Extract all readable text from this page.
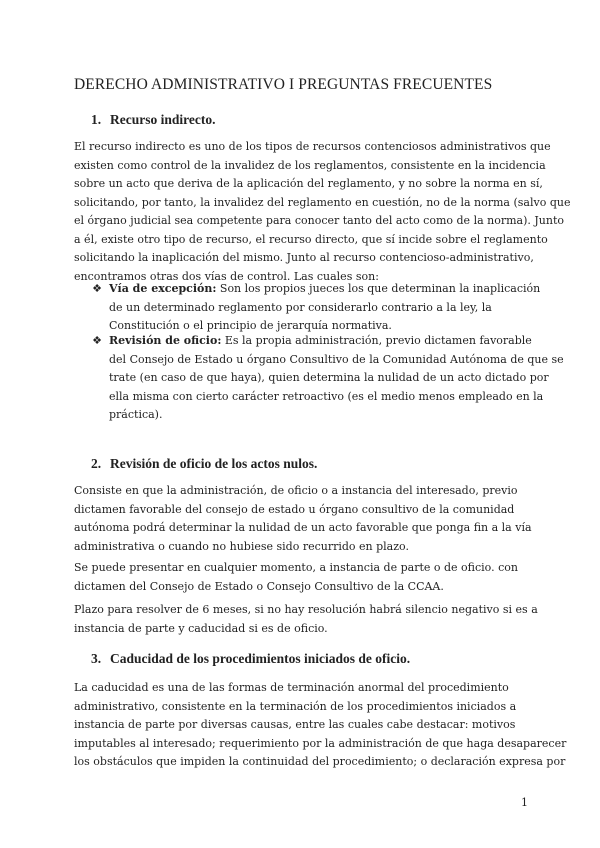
DERECHO ADMINISTRATIVO I PREGUNTAS FRECUENTES
1. Recurso indirecto.
El recurso indirecto es uno de los tipos de recursos contenciosos administrativos que
existen como control de la invalidez de los reglamentos, consistente en la incidencia
sobre un acto que deriva de la aplicación del reglamento, y no sobre la norma en sí,
solicitando, por tanto, la invalidez del reglamento en cuestión, no de la norma (salvo que
el órgano judicial sea competente para conocer tanto del acto como de la norma). Junto
a él, existe otro tipo de recurso, el recurso directo, que sí incide sobre el reglamento
solicitando la inaplicación del mismo. Junto al recurso contencioso-administrativo,
encontramos otras dos vías de control. Las cuales son:
❖ Vía de excepción: Son los propios jueces los que determinan la inaplicación
de un determinado reglamento por considerarlo contrario a la ley, la
Constitución o el principio de jerarquía normativa.
❖ Revisión de oficio: Es la propia administración, previo dictamen favorable
del Consejo de Estado u órgano Consultivo de la Comunidad Autónoma de que se
trate (en caso de que haya), quien determina la nulidad de un acto dictado por
ella misma con cierto carácter retroactivo (es el medio menos empleado en la
práctica).
2. Revisión de oficio de los actos nulos.
Consiste en que la administración, de oficio o a instancia del interesado, previo
dictamen favorable del consejo de estado u órgano consultivo de la comunidad
autónoma podrá determinar la nulidad de un acto favorable que ponga fin a la vía
administrativa o cuando no hubiese sido recurrido en plazo.
Se puede presentar en cualquier momento, a instancia de parte o de oficio. con
dictamen del Consejo de Estado o Consejo Consultivo de la CCAA.
Plazo para resolver de 6 meses, si no hay resolución habrá silencio negativo si es a
instancia de parte y caducidad si es de oficio.
3. Caducidad de los procedimientos iniciados de oficio.
La caducidad es una de las formas de terminación anormal del procedimiento
administrativo, consistente en la terminación de los procedimientos iniciados a
instancia de parte por diversas causas, entre las cuales cabe destacar: motivos
imputables al interesado; requerimiento por la administración de que haga desaparecer
los obstáculos que impiden la continuidad del procedimiento; o declaración expresa por
1
